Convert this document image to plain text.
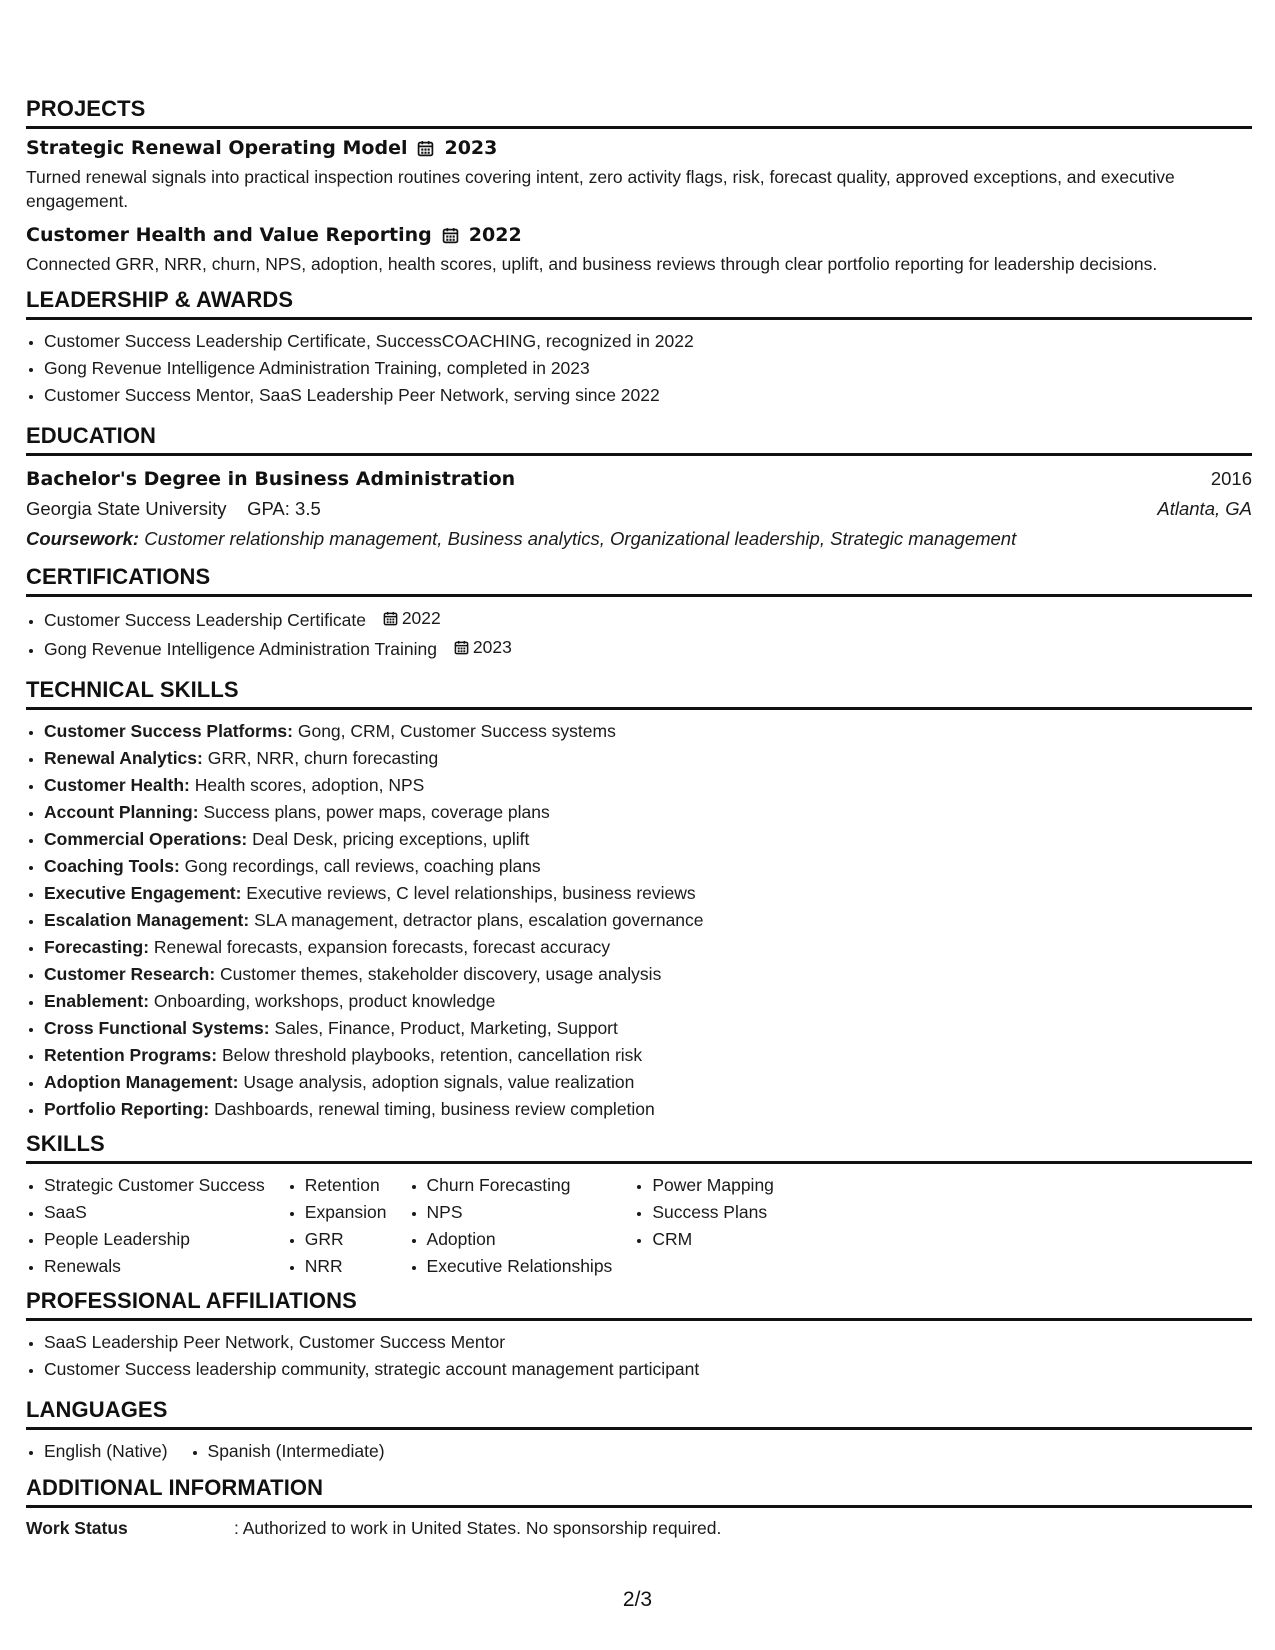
PROJECTS
Strategic Renewal Operating Model 2023
Turned renewal signals into practical inspection routines covering intent, zero activity flags, risk, forecast quality, approved exceptions, and executive engagement.
Customer Health and Value Reporting 2022
Connected GRR, NRR, churn, NPS, adoption, health scores, uplift, and business reviews through clear portfolio reporting for leadership decisions.
LEADERSHIP & AWARDS
• Customer Success Leadership Certificate, SuccessCOACHING, recognized in 2022
• Gong Revenue Intelligence Administration Training, completed in 2023
• Customer Success Mentor, SaaS Leadership Peer Network, serving since 2022
EDUCATION
Bachelor's Degree in Business Administration	2016
Georgia State University GPA: 3.5	Atlanta, GA
Coursework: Customer relationship management, Business analytics, Organizational leadership, Strategic management
CERTIFICATIONS
• Customer Success Leadership Certificate 2022
• Gong Revenue Intelligence Administration Training 2023
TECHNICAL SKILLS
• Customer Success Platforms: Gong, CRM, Customer Success systems
• Renewal Analytics: GRR, NRR, churn forecasting
• Customer Health: Health scores, adoption, NPS
• Account Planning: Success plans, power maps, coverage plans
• Commercial Operations: Deal Desk, pricing exceptions, uplift
• Coaching Tools: Gong recordings, call reviews, coaching plans
• Executive Engagement: Executive reviews, C level relationships, business reviews
• Escalation Management: SLA management, detractor plans, escalation governance
• Forecasting: Renewal forecasts, expansion forecasts, forecast accuracy
• Customer Research: Customer themes, stakeholder discovery, usage analysis
• Enablement: Onboarding, workshops, product knowledge
• Cross Functional Systems: Sales, Finance, Product, Marketing, Support
• Retention Programs: Below threshold playbooks, retention, cancellation risk
• Adoption Management: Usage analysis, adoption signals, value realization
• Portfolio Reporting: Dashboards, renewal timing, business review completion
SKILLS
• Strategic Customer Success
• SaaS
• People Leadership
• Renewals
• Retention
• Expansion
• GRR
• NRR
• Churn Forecasting
• NPS
• Adoption
• Executive Relationships
• Power Mapping
• Success Plans
• CRM
PROFESSIONAL AFFILIATIONS
• SaaS Leadership Peer Network, Customer Success Mentor
• Customer Success leadership community, strategic account management participant
LANGUAGES
• English (Native)
• Spanish (Intermediate)
ADDITIONAL INFORMATION
Work Status	: Authorized to work in United States. No sponsorship required.
2/3
